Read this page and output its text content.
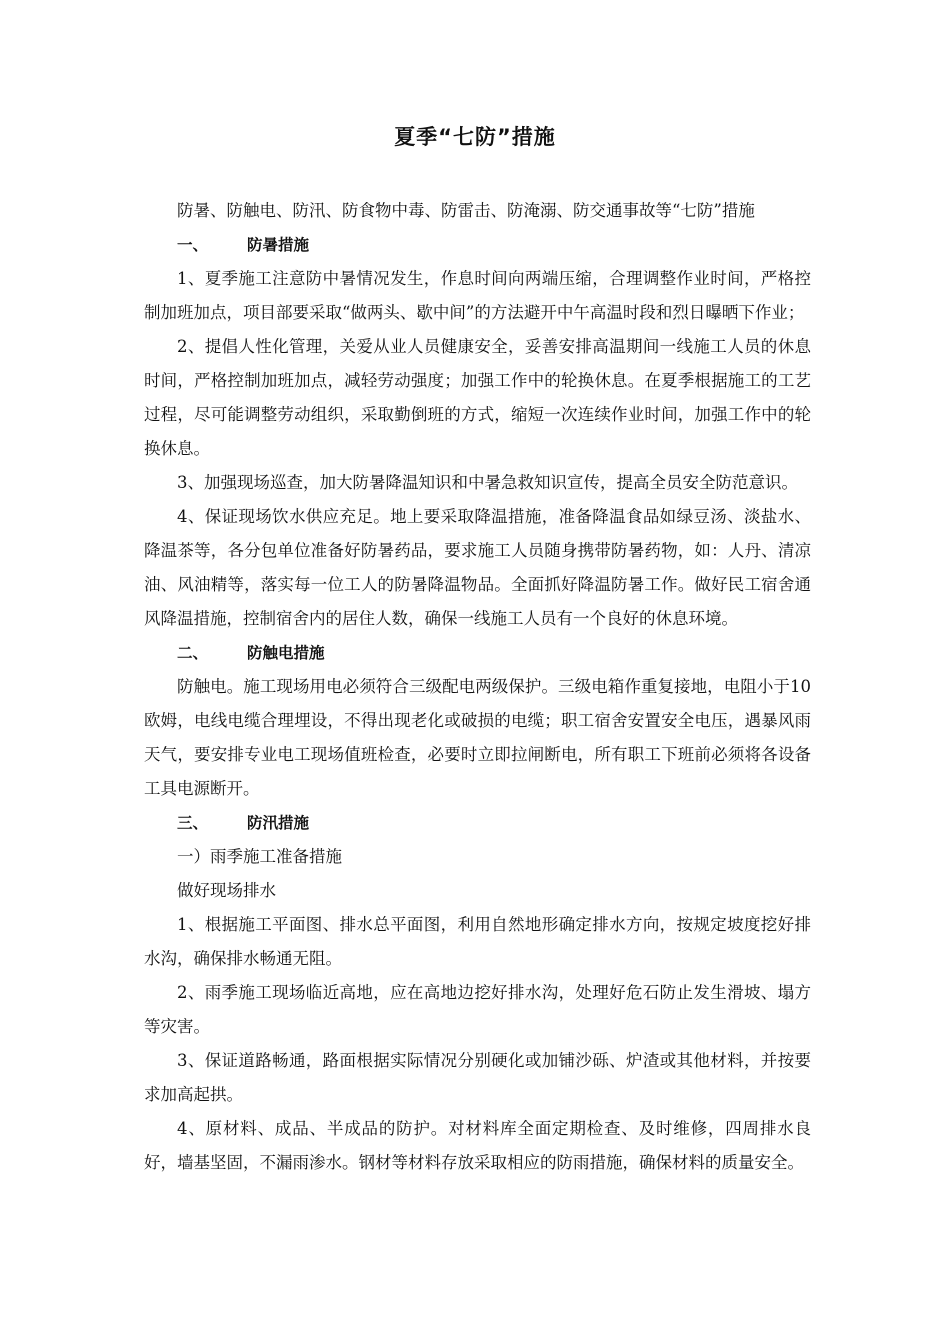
夏季“七防”措施

防暑、防触电、防汛、防食物中毒、防雷击、防淹溺、防交通事故等“七防”措施

一、	防暑措施

1、夏季施工注意防中暑情况发生，作息时间向两端压缩，合理调整作业时间，严格控制加班加点，项目部要采取“做两头、歇中间”的方法避开中午高温时段和烈日曝晒下作业；

2、提倡人性化管理，关爱从业人员健康安全，妥善安排高温期间一线施工人员的休息时间，严格控制加班加点，减轻劳动强度；加强工作中的轮换休息。在夏季根据施工的工艺过程，尽可能调整劳动组织，采取勤倒班的方式，缩短一次连续作业时间，加强工作中的轮换休息。

3、加强现场巡查，加大防暑降温知识和中暑急救知识宣传，提高全员安全防范意识。

4、保证现场饮水供应充足。地上要采取降温措施，准备降温食品如绿豆汤、淡盐水、降温茶等，各分包单位准备好防暑药品，要求施工人员随身携带防暑药物，如：人丹、清凉油、风油精等，落实每一位工人的防暑降温物品。全面抓好降温防暑工作。做好民工宿舍通风降温措施，控制宿舍内的居住人数，确保一线施工人员有一个良好的休息环境。

二、	防触电措施

防触电。施工现场用电必须符合三级配电两级保护。三级电箱作重复接地，电阻小于10欧姆，电线电缆合理埋设，不得出现老化或破损的电缆；职工宿舍安置安全电压，遇暴风雨天气，要安排专业电工现场值班检查，必要时立即拉闸断电，所有职工下班前必须将各设备工具电源断开。

三、	防汛措施

一）雨季施工准备措施

做好现场排水

1、根据施工平面图、排水总平面图，利用自然地形确定排水方向，按规定坡度挖好排水沟，确保排水畅通无阻。

2、雨季施工现场临近高地，应在高地边挖好排水沟，处理好危石防止发生滑坡、塌方等灾害。

3、保证道路畅通，路面根据实际情况分别硬化或加铺沙砾、炉渣或其他材料，并按要求加高起拱。

4、原材料、成品、半成品的防护。对材料库全面定期检查、及时维修，四周排水良好，墙基坚固，不漏雨渗水。钢材等材料存放采取相应的防雨措施，确保材料的质量安全。
